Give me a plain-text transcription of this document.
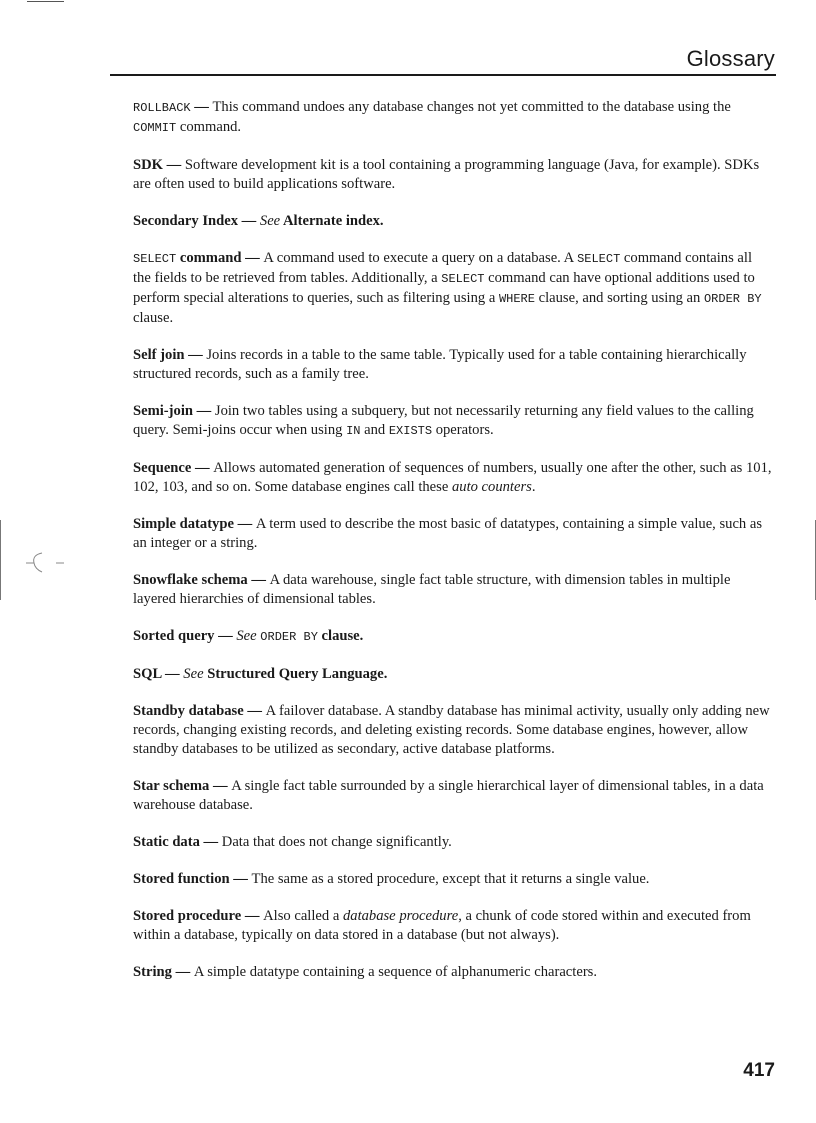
Glossary

ROLLBACK — This command undoes any database changes not yet committed to the database using the COMMIT command.

SDK — Software development kit is a tool containing a programming language (Java, for example). SDKs are often used to build applications software.

Secondary Index — See Alternate index.

SELECT command — A command used to execute a query on a database. A SELECT command contains all the fields to be retrieved from tables. Additionally, a SELECT command can have optional additions used to perform special alterations to queries, such as filtering using a WHERE clause, and sorting using an ORDER BY clause.

Self join — Joins records in a table to the same table. Typically used for a table containing hierarchically structured records, such as a family tree.

Semi-join — Join two tables using a subquery, but not necessarily returning any field values to the calling query. Semi-joins occur when using IN and EXISTS operators.

Sequence — Allows automated generation of sequences of numbers, usually one after the other, such as 101, 102, 103, and so on. Some database engines call these auto counters.

Simple datatype — A term used to describe the most basic of datatypes, containing a simple value, such as an integer or a string.

Snowflake schema — A data warehouse, single fact table structure, with dimension tables in multiple layered hierarchies of dimensional tables.

Sorted query — See ORDER BY clause.

SQL — See Structured Query Language.

Standby database — A failover database. A standby database has minimal activity, usually only adding new records, changing existing records, and deleting existing records. Some database engines, however, allow standby databases to be utilized as secondary, active database platforms.

Star schema — A single fact table surrounded by a single hierarchical layer of dimensional tables, in a data warehouse database.

Static data — Data that does not change significantly.

Stored function — The same as a stored procedure, except that it returns a single value.

Stored procedure — Also called a database procedure, a chunk of code stored within and executed from within a database, typically on data stored in a database (but not always).

String — A simple datatype containing a sequence of alphanumeric characters.

417
